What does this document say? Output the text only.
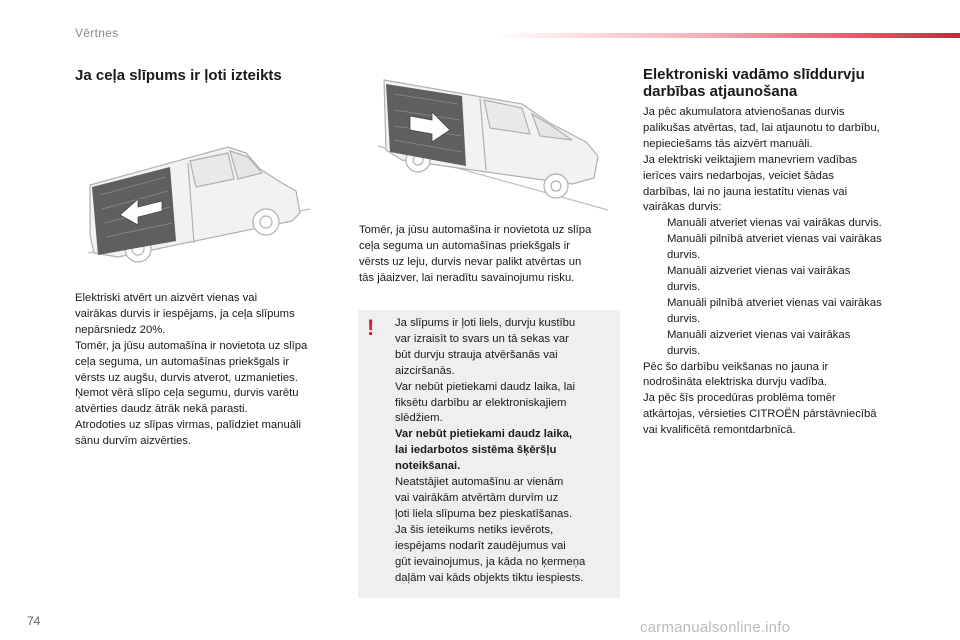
Vērtnes
Ja ceļa slīpums ir ļoti izteikts

Elektriski atvērt un aizvērt vienas vai

vairākas durvis ir iespējams, ja ceļa slīpums

nepārsniedz 20%.

Tomēr, ja jūsu automašīna ir novietota uz slīpa

ceļa seguma, un automašīnas priekšgals ir

vērsts uz augšu, durvis atverot, uzmanieties.

Ņemot vērā slīpo ceļa segumu, durvis varētu

atvērties daudz ātrāk nekā parasti.

Atrodoties uz slīpas virmas, palīdziet manuāli

sānu durvīm aizvērties.

Tomēr, ja jūsu automašīna ir novietota uz slīpa

ceļa seguma un automašīnas priekšgals ir

vērsts uz leju, durvis nevar palikt atvērtas un

tās jāaizver, lai neradītu savainojumu risku.

! Ja slīpums ir ļoti liels, durvju kustību

var izraisīt to svars un tā sekas var

būt durvju strauja atvēršanās vai

aizciršanās.

Var nebūt pietiekami daudz laika, lai

fiksētu darbību ar elektroniskajiem

slēdžiem.

Var nebūt pietiekami daudz laika,

lai iedarbotos sistēma šķēršļu

noteikšanai.

Neatstājiet automašīnu ar vienām

vai vairākām atvērtām durvīm uz

ļoti liela slīpuma bez pieskatīšanas.

Ja šis ieteikums netiks ievērots,

iespējams nodarīt zaudējumus vai

gūt ievainojumus, ja kāda no ķermeņa

daļām vai kāds objekts tiktu iespiests.

Elektroniski vadāmo slīddurvju darbības atjaunošana

Ja pēc akumulatora atvienošanas durvis

palikušas atvērtas, tad, lai atjaunotu to darbību,

nepieciešams tās aizvērt manuāli.

Ja elektriski veiktajiem manevriem vadības

ierīces vairs nedarbojas, veiciet šādas

darbības, lai no jauna iestatītu vienas vai

vairākas durvis:

Manuāli atveriet vienas vai vairākas durvis.
Manuāli pilnībā atveriet vienas vai vairākas
durvis.
Manuāli aizveriet vienas vai vairākas
durvis.
Manuāli pilnībā atveriet vienas vai vairākas
durvis.
Manuāli aizveriet vienas vai vairākas
durvis.

Pēc šo darbību veikšanas no jauna ir

nodrošināta elektriska durvju vadība.

Ja pēc šīs procedūras problēma tomēr

atkārtojas, vērsieties CITROËN pārstāvniecībā

vai kvalificētā remontdarbnīcā.

74	carmanualsonline.info
